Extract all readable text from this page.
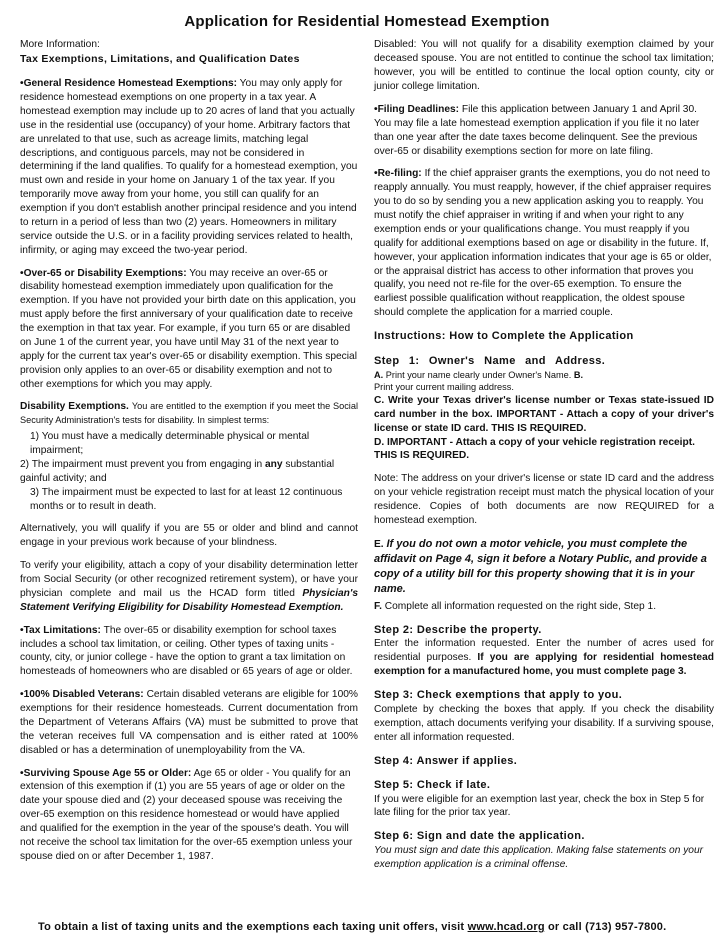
Application for Residential Homestead Exemption

More Information:
Tax Exemptions, Limitations, and Qualification Dates

•General Residence Homestead Exemptions: You may only apply for residence homestead exemptions on one property in a tax year. A homestead exemption may include up to 20 acres of land that you actually use in the residential use (occupancy) of your home. Arbitrary factors that are unrelated to that use, such as acreage limits, matching legal descriptions, and contiguous parcels, may not be considered in determining if the land qualifies. To qualify for a homestead exemption, you must own and reside in your home on January 1 of the tax year. If you temporarily move away from your home, you still can qualify for an exemption if you don't establish another principal residence and you intend to return in a period of less than two (2) years. Homeowners in military service outside the U.S. or in a facility providing services related to health, infirmity, or aging may exceed the two-year period.

•Over-65 or Disability Exemptions: You may receive an over-65 or disability homestead exemption immediately upon qualification for the exemption. If you have not provided your birth date on this application, you must apply before the first anniversary of your qualification date to receive the exemption in that tax year. For example, if you turn 65 or are disabled on June 1 of the current year, you have until May 31 of the next year to apply for the current tax year's over-65 or disability exemption. This special provision only applies to an over-65 or disability exemption and not to other exemptions for which you may apply.

Disability Exemptions. You are entitled to the exemption if you meet the Social Security Administration's tests for disability. In simplest terms:

1) You must have a medically determinable physical or mental impairment;
2) The impairment must prevent you from engaging in any substantial gainful activity; and

3) The impairment must be expected to last for at least 12 continuous months or to result in death.

Alternatively, you will qualify if you are 55 or older and blind and cannot engage in your previous work because of your blindness.

To verify your eligibility, attach a copy of your disability determination letter from Social Security (or other recognized retirement system), or have your physician complete and mail us the HCAD form titled Physician's Statement Verifying Eligibility for Disability Homestead Exemption.

•Tax Limitations: The over-65 or disability exemption for school taxes includes a school tax limitation, or ceiling. Other types of taxing units - county, city, or junior college - have the option to grant a tax limitation on homesteads of homeowners who are disabled or 65 years of age or older.

•100% Disabled Veterans: Certain disabled veterans are eligible for 100% exemptions for their residence homesteads. Current documentation from the Department of Veterans Affairs (VA) must be submitted to prove that the veteran receives full VA compensation and is either rated at 100% disabled or has a determination of unemployability from the VA.

•Surviving Spouse Age 55 or Older: Age 65 or older - You qualify for an extension of this exemption if (1) you are 55 years of age or older on the date your spouse died and (2) your deceased spouse was receiving the over-65 exemption on this residence homestead or would have applied and qualified for the exemption in the year of the spouse's death. You will not receive the school tax limitation for the over-65 exemption unless your spouse died on or after December 1, 1987.

Disabled: You will not qualify for a disability exemption claimed by your deceased spouse. You are not entitled to continue the school tax limitation; however, you will be entitled to continue the local option county, city or junior college limitation.

•Filing Deadlines: File this application between January 1 and April 30. You may file a late homestead exemption application if you file it no later than one year after the date taxes become delinquent. See the previous over-65 or disability exemptions section for more on late filing.

•Re-filing: If the chief appraiser grants the exemptions, you do not need to reapply annually. You must reapply, however, if the chief appraiser requires you to do so by sending you a new application asking you to reapply. You must notify the chief appraiser in writing if and when your right to any exemption ends or your qualifications change. You must reapply if you qualify for additional exemptions based on age or disability in the future. If, however, your application information indicates that your age is 65 or older, or the appraisal district has access to other information that proves you qualify, you need not re-file for the over-65 exemption. To ensure the earliest possible qualification without reapplication, the oldest spouse should complete the application for a married couple.

Instructions: How to Complete the Application

Step 1: Owner's Name and Address.
A. Print your name clearly under Owner's Name. B.
Print your current mailing address.
C. Write your Texas driver's license number or Texas state-issued ID card number in the box. IMPORTANT - Attach a copy of your driver's license or state ID card. THIS IS REQUIRED.

D. IMPORTANT - Attach a copy of your vehicle registration receipt. THIS IS REQUIRED.

Note: The address on your driver's license or state ID card and the address on your vehicle registration receipt must match the physical location of your residence. Copies of both documents are now REQUIRED for a homestead exemption.

E. If you do not own a motor vehicle, you must complete the affidavit on Page 4, sign it before a Notary Public, and provide a copy of a utility bill for this property showing that it is in your name.

F. Complete all information requested on the right side, Step 1.

Step 2: Describe the property.
Enter the information requested. Enter the number of acres used for residential purposes. If you are applying for residential homestead exemption for a manufactured home, you must complete page 3.

Step 3: Check exemptions that apply to you.
Complete by checking the boxes that apply. If you check the disability exemption, attach documents verifying your disability. If a surviving spouse, enter all information requested.

Step 4: Answer if applies.

Step 5: Check if late.
If you were eligible for an exemption last year, check the box in Step 5 for late filing for the prior tax year.

Step 6: Sign and date the application.
You must sign and date this application. Making false statements on your exemption application is a criminal offense.

To obtain a list of taxing units and the exemptions each taxing unit offers, visit www.hcad.org or call (713) 957-7800.
